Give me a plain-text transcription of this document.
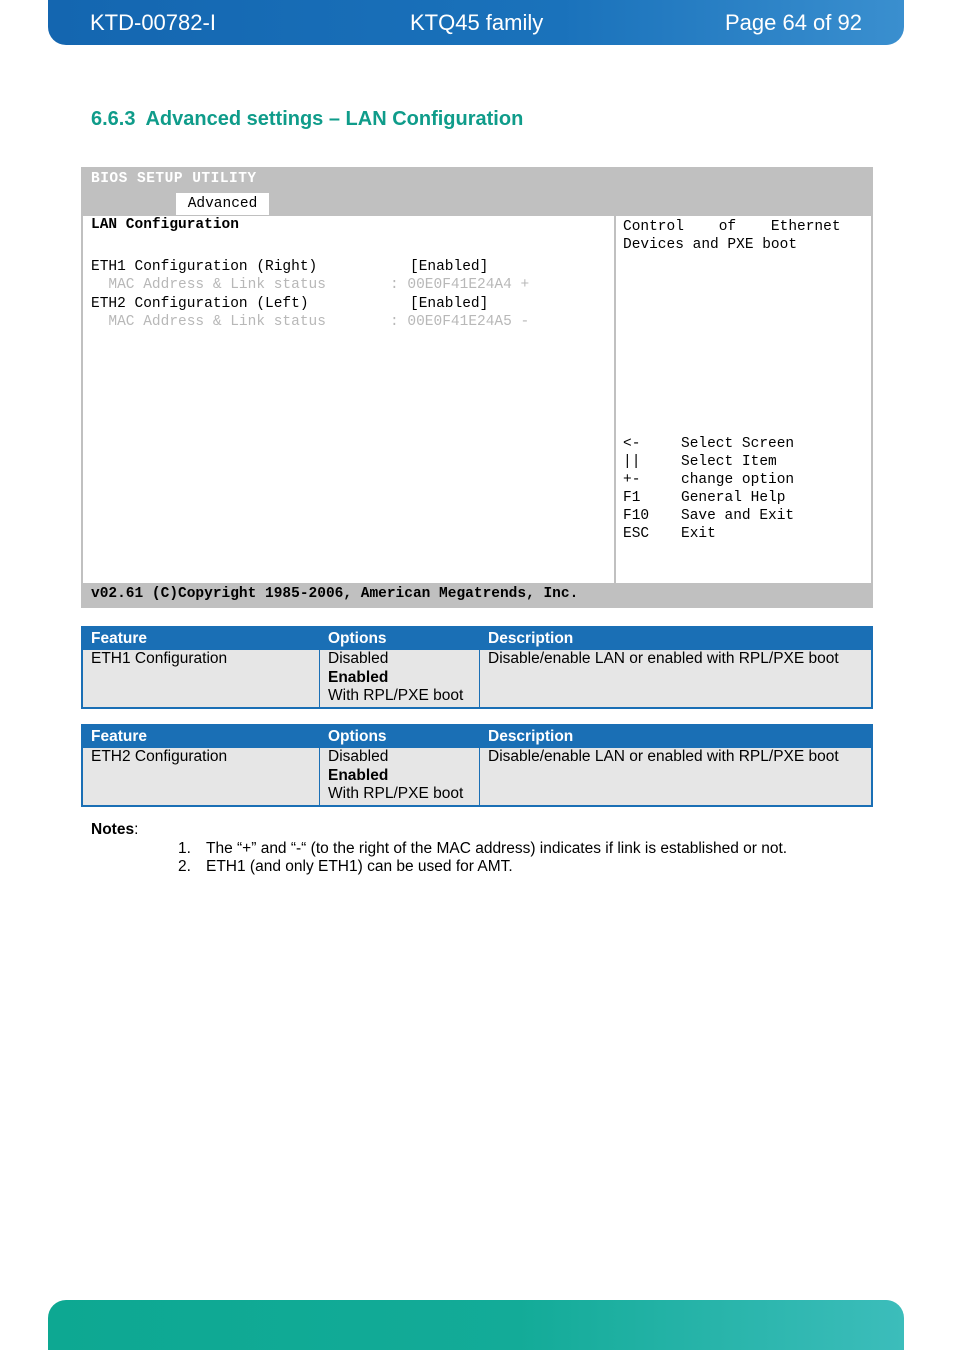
KTD-00782-I	KTQ45 family	Page 64 of 92
6.6.3 Advanced settings – LAN Configuration
BIOS SETUP UTILITY
Advanced
LAN Configuration
ETH1 Configuration (Right)	[Enabled]
MAC Address & Link status	: 00E0F41E24A4 +
ETH2 Configuration (Left)	[Enabled]
MAC Address & Link status	: 00E0F41E24A5 -
Control    of    Ethernet
Devices and PXE boot
<-	Select Screen
||	Select Item
+-	change option
F1	General Help
F10 Save and Exit
ESC Exit
v02.61 (C)Copyright 1985-2006, American Megatrends, Inc.
Feature	Options	Description
ETH1 Configuration	Disabled
Enabled
With RPL/PXE boot	Disable/enable LAN or enabled with RPL/PXE boot
Feature	Options	Description
ETH2 Configuration	Disabled
Enabled
With RPL/PXE boot	Disable/enable LAN or enabled with RPL/PXE boot
Notes:
1. The “+” and “-“ (to the right of the MAC address) indicates if link is established or not.
2. ETH1 (and only ETH1) can be used for AMT.
